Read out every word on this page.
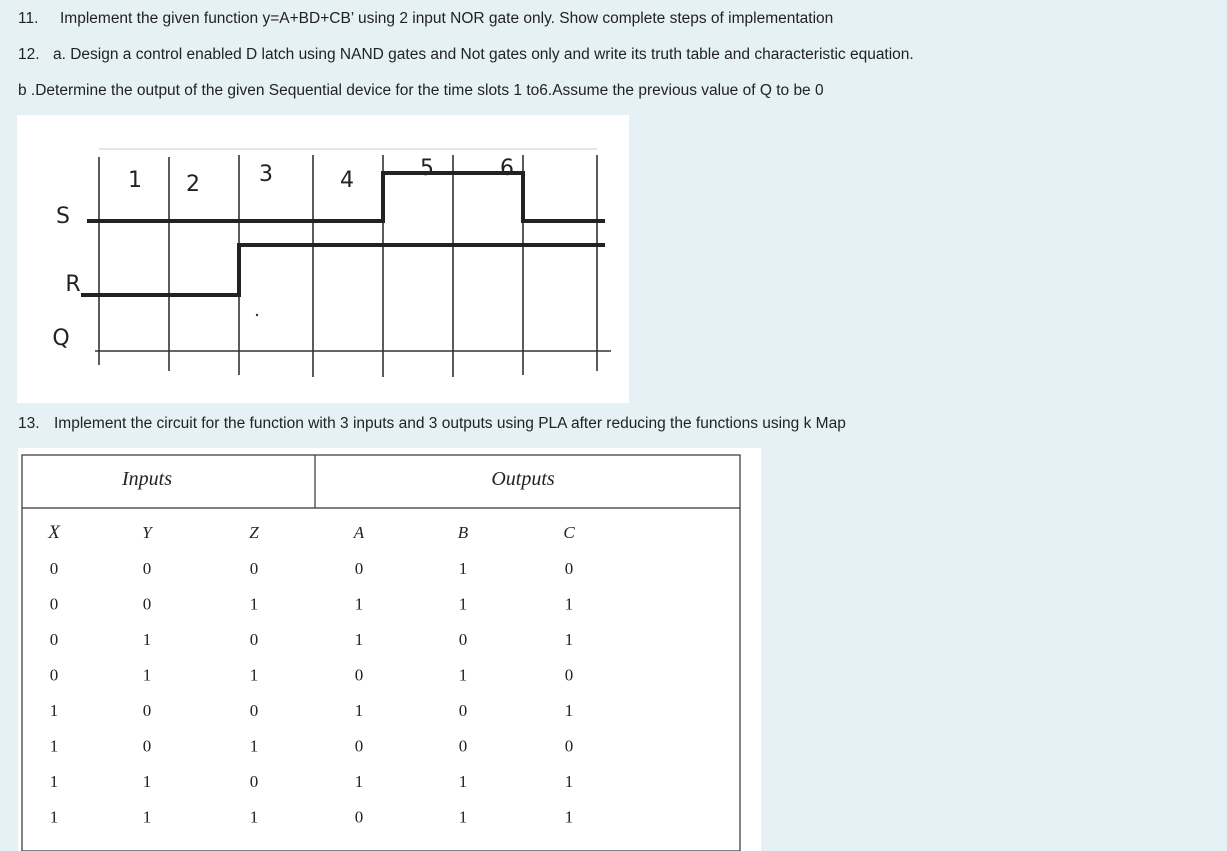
11. Implement the given function y=A+BD+CB’ using 2 input NOR gate only. Show complete steps of implementation
12. a. Design a control enabled D latch using NAND gates and Not gates only and write its truth table and characteristic equation.
b .Determine the output of the given Sequential device for the time slots 1 to6.Assume the previous value of Q to be 0
1 2	3	4	5	6
S
R
Q
13. Implement the circuit for the function with 3 inputs and 3 outputs using PLA after reducing the functions using k Map
Inputs	Outputs
X	Y	Z	A	B	C
0	0	0	0	1	0
0	0	1	1	1	1
0	1	0	1	0	1
0	1	1	0	1	0
1	0	0	1	0	1
1	0	1	0	0	0
1	1	0	1	1	1
1	1	1	0	1	1
